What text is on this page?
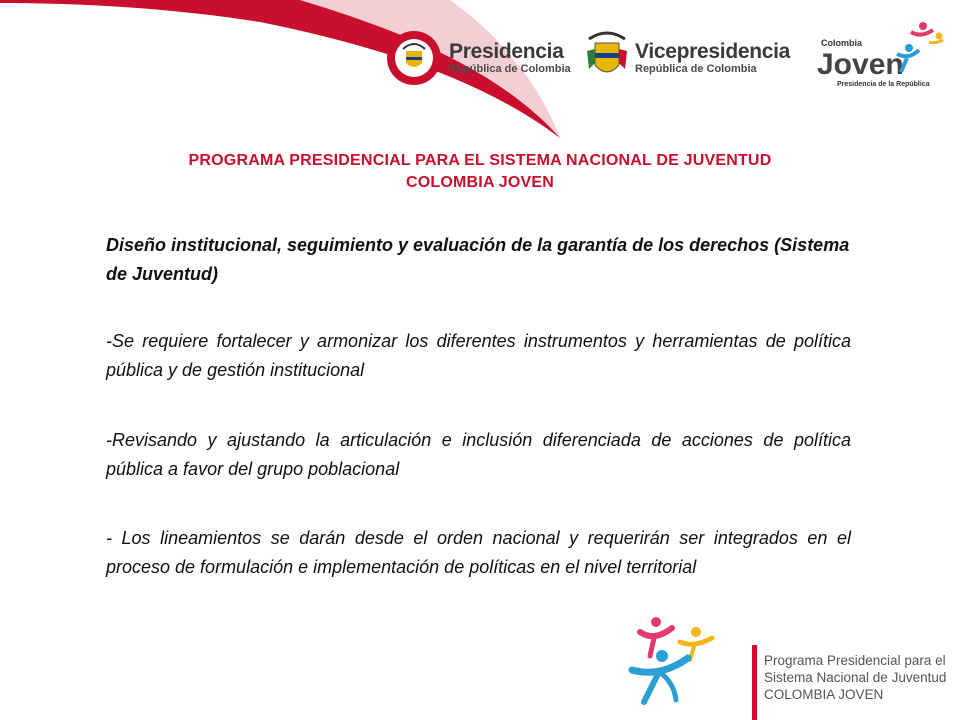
Presidencia
República de Colombia
Vicepresidencia
República de Colombia
Colombia
Joven
Presidencia de la República
PROGRAMA PRESIDENCIAL PARA EL SISTEMA NACIONAL DE JUVENTUD
COLOMBIA JOVEN
Diseño institucional, seguimiento y evaluación de la garantía de los derechos (Sistema de Juventud)
-Se requiere fortalecer y armonizar los diferentes instrumentos y herramientas de política pública y de gestión institucional
-Revisando y ajustando la articulación e inclusión diferenciada de acciones de política pública a favor del grupo poblacional
- Los lineamientos se darán desde el orden nacional y requerirán ser integrados en el proceso de formulación e implementación de políticas en el nivel territorial
Programa Presidencial para el
Sistema Nacional de Juventud
COLOMBIA JOVEN
